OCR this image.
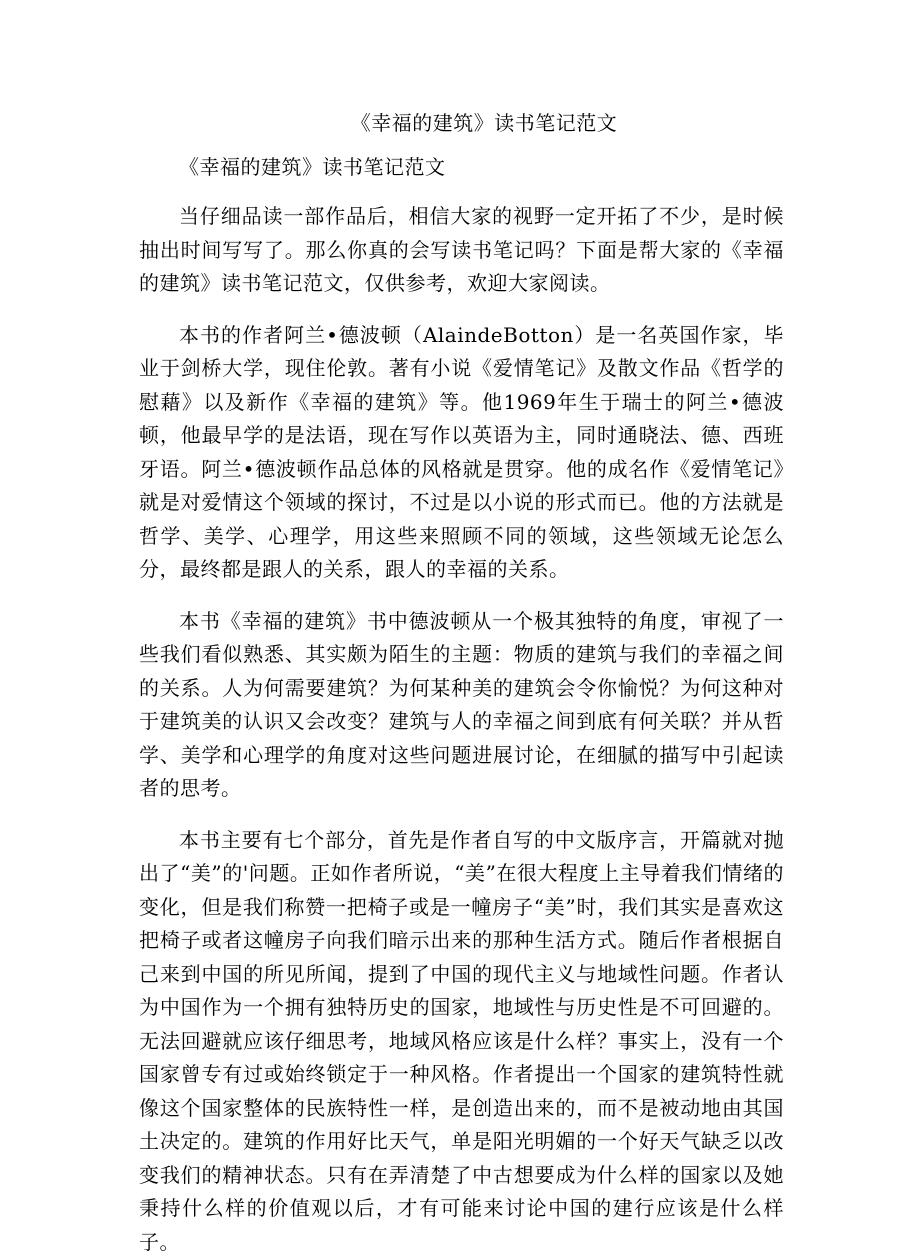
《幸福的建筑》读书笔记范文

《幸福的建筑》读书笔记范文

当仔细品读一部作品后，相信大家的视野一定开拓了不少，是时候抽出时间写写了。那么你真的会写读书笔记吗？下面是帮大家的《幸福的建筑》读书笔记范文，仅供参考，欢迎大家阅读。

本书的作者阿兰•德波顿（AlaindeBotton）是一名英国作家，毕业于剑桥大学，现住伦敦。著有小说《爱情笔记》及散文作品《哲学的慰藉》以及新作《幸福的建筑》等。他1969年生于瑞士的阿兰•德波顿，他最早学的是法语，现在写作以英语为主，同时通晓法、德、西班牙语。阿兰•德波顿作品总体的风格就是贯穿。他的成名作《爱情笔记》就是对爱情这个领域的探讨，不过是以小说的形式而已。他的方法就是哲学、美学、心理学，用这些来照顾不同的领域，这些领域无论怎么分，最终都是跟人的关系，跟人的幸福的关系。

本书《幸福的建筑》书中德波顿从一个极其独特的角度，审视了一些我们看似熟悉、其实颇为陌生的主题：物质的建筑与我们的幸福之间的关系。人为何需要建筑？为何某种美的建筑会令你愉悦？为何这种对于建筑美的认识又会改变？建筑与人的幸福之间到底有何关联？并从哲学、美学和心理学的角度对这些问题进展讨论，在细腻的描写中引起读者的思考。

本书主要有七个部分，首先是作者自写的中文版序言，开篇就对抛出了“美”的'问题。正如作者所说，“美”在很大程度上主导着我们情绪的变化，但是我们称赞一把椅子或是一幢房子“美”时，我们其实是喜欢这把椅子或者这幢房子向我们暗示出来的那种生活方式。随后作者根据自己来到中国的所见所闻，提到了中国的现代主义与地域性问题。作者认为中国作为一个拥有独特历史的国家，地域性与历史性是不可回避的。无法回避就应该仔细思考，地域风格应该是什么样？事实上，没有一个国家曾专有过或始终锁定于一种风格。作者提出一个国家的建筑特性就像这个国家整体的民族特性一样，是创造出来的，而不是被动地由其国土决定的。建筑的作用好比天气，单是阳光明媚的一个好天气缺乏以改变我们的精神状态。只有在弄清楚了中古想要成为什么样的国家以及她秉持什么样的价值观以后，才有可能来讨论中国的建行应该是什么样子。
